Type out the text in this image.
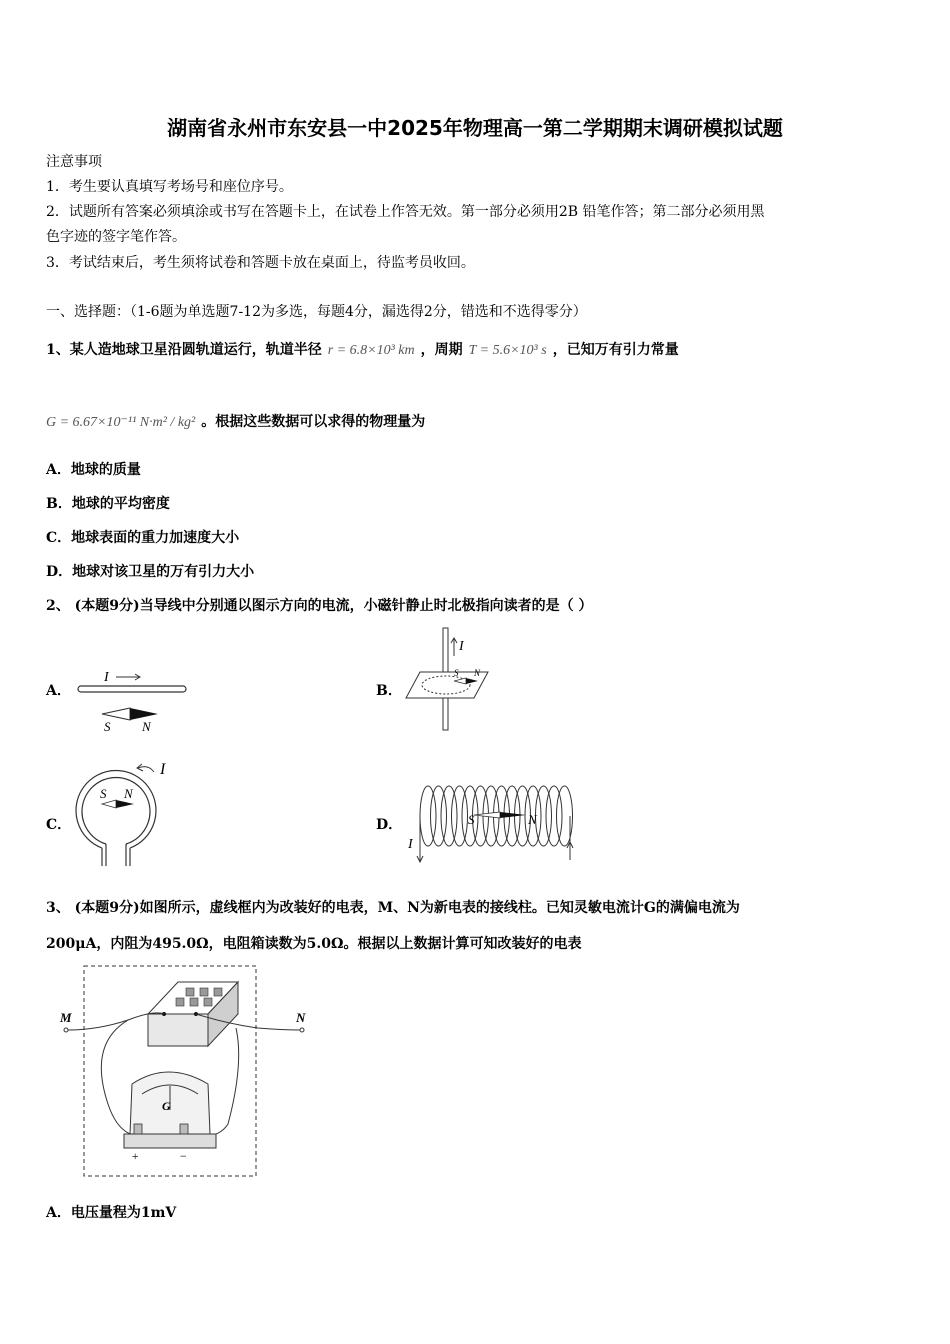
湖南省永州市东安县一中2025年物理高一第二学期期末调研模拟试题
注意事项
1．考生要认真填写考场号和座位序号。
2．试题所有答案必须填涂或书写在答题卡上，在试卷上作答无效。第一部分必须用2B 铅笔作答；第二部分必须用黑
色字迹的签字笔作答。
3．考试结束后，考生须将试卷和答题卡放在桌面上，待监考员收回。
一、选择题：（1-6题为单选题7-12为多选，每题4分，漏选得2分，错选和不选得零分）
1、某人造地球卫星沿圆轨道运行，轨道半径 r = 6.8×10³ km ，周期 T = 5.6×10³ s ，已知万有引力常量
G = 6.67×10⁻¹¹ N·m² / kg² 。根据这些数据可以求得的物理量为
A．地球的质量
B．地球的平均密度
C．地球表面的重力加速度大小
D．地球对该卫星的万有引力大小
2、 (本题9分)当导线中分别通以图示方向的电流，小磁针静止时北极指向读者的是（ ）
A．	B．
C．	D．
I
S N
I
S N
I
S N
I
S	N
3、 (本题9分)如图所示，虚线框内为改装好的电表，M、N为新电表的接线柱。已知灵敏电流计G的满偏电流为
200μA，内阻为495.0Ω，电阻箱读数为5.0Ω。根据以上数据计算可知改装好的电表
M	N
G
+	−
A．电压量程为1mV
